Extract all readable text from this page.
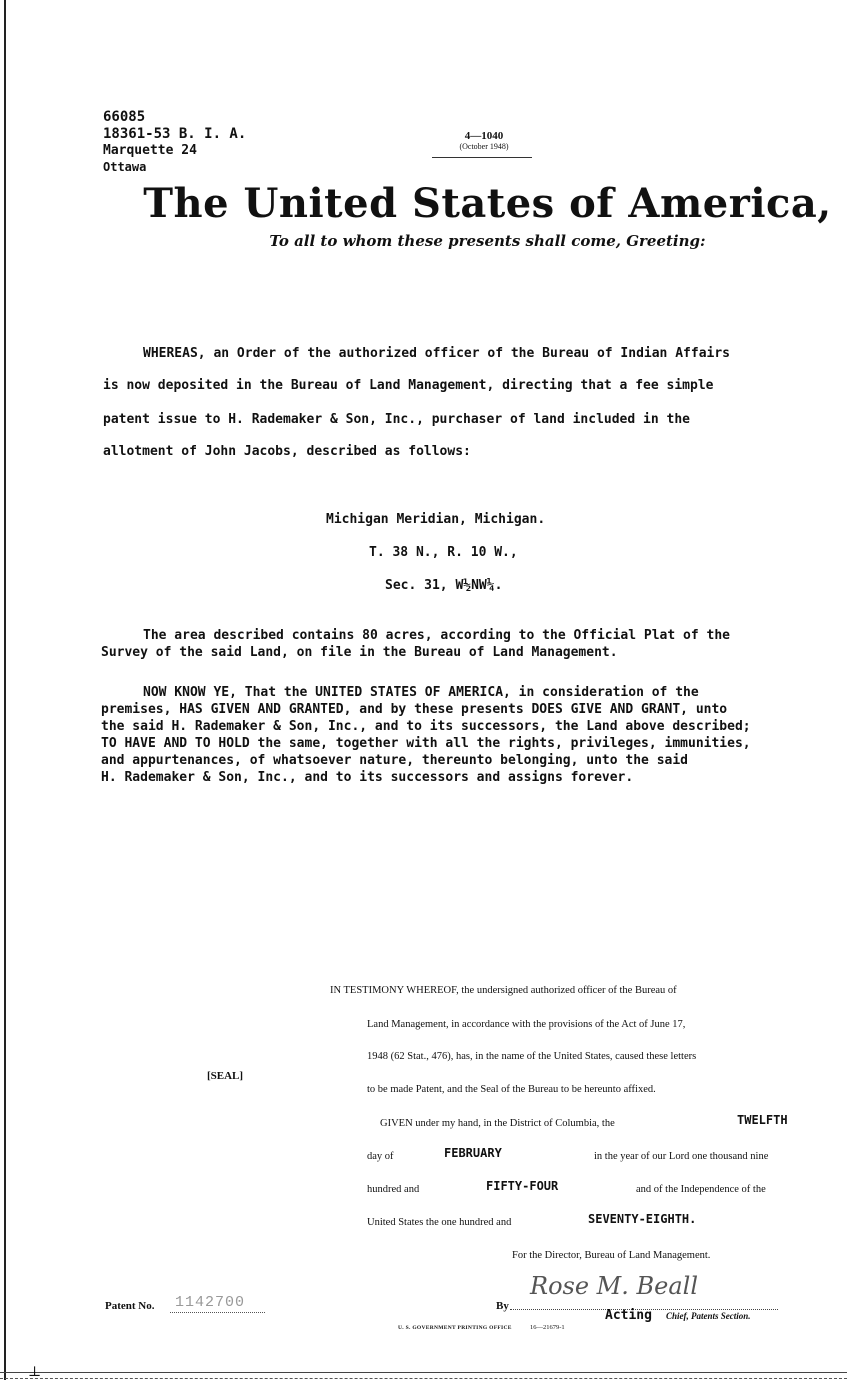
66085
18361-53 B. I. A.
Marquette 24
Ottawa
4—1040
(October 1948)
The United States of America,
To all to whom these presents shall come, Greeting:
WHEREAS, an Order of the authorized officer of the Bureau of Indian Affairs
is now deposited in the Bureau of Land Management, directing that a fee simple
patent issue to H. Rademaker & Son, Inc., purchaser of land included in the
allotment of John Jacobs, described as follows:
Michigan Meridian, Michigan.
T. 38 N., R. 10 W.,
Sec. 31, W½NW¼.
The area described contains 80 acres, according to the Official Plat of the
Survey of the said Land, on file in the Bureau of Land Management.
NOW KNOW YE, That the UNITED STATES OF AMERICA, in consideration of the
premises, HAS GIVEN AND GRANTED, and by these presents DOES GIVE AND GRANT, unto
the said H. Rademaker & Son, Inc., and to its successors, the Land above described;
TO HAVE AND TO HOLD the same, together with all the rights, privileges, immunities,
and appurtenances, of whatsoever nature, thereunto belonging, unto the said
H. Rademaker & Son, Inc., and to its successors and assigns forever.
[SEAL]
IN TESTIMONY WHEREOF, the undersigned authorized officer of the Bureau of
Land Management, in accordance with the provisions of the Act of June 17,
1948 (62 Stat., 476), has, in the name of the United States, caused these letters
to be made Patent, and the Seal of the Bureau to be hereunto affixed.
GIVEN under my hand, in the District of Columbia, the	TWELFTH
day of	FEBRUARY	in the year of our Lord one thousand nine
hundred and	FIFTY-FOUR	and of the Independence of the
United States the one hundred and	SEVENTY-EIGHTH.
For the Director, Bureau of Land Management.
Patent No. 1142700	By
Rose M. Beall
Acting Chief, Patents Section.
U. S. GOVERNMENT PRINTING OFFICE	16—21679-1
⊥
